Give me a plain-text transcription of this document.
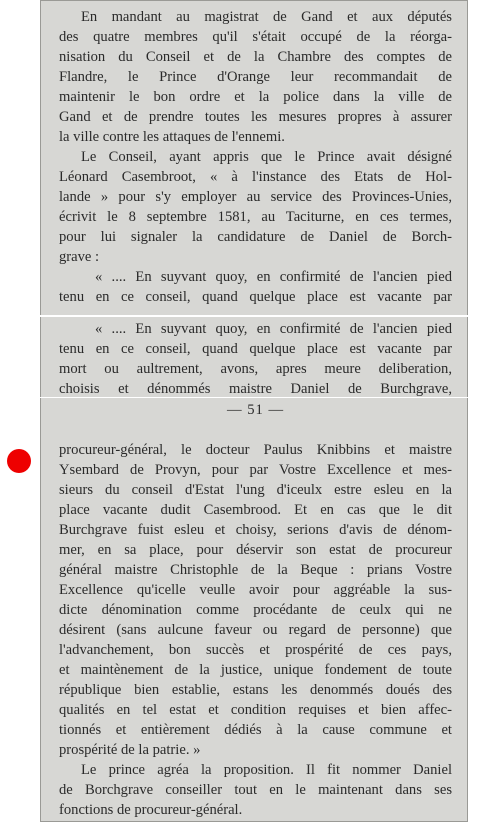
En mandant au magistrat de Gand et aux députés
des quatre membres qu'il s'était occupé de la réorga-
nisation du Conseil et de la Chambre des comptes de
Flandre, le Prince d'Orange leur recommandait de
maintenir le bon ordre et la police dans la ville de
Gand et de prendre toutes les mesures propres à assurer
la ville contre les attaques de l'ennemi.
Le Conseil, ayant appris que le Prince avait désigné
Léonard Casembroot, « à l'instance des Etats de Hol-
lande » pour s'y employer au service des Provinces-Unies,
écrivit le 8 septembre 1581, au Taciturne, en ces termes,
pour lui signaler la candidature de Daniel de Borch-
grave :
« .... En suyvant quoy, en confirmité de l'ancien pied
tenu en ce conseil, quand quelque place est vacante par
« .... En suyvant quoy, en confirmité de l'ancien pied
tenu en ce conseil, quand quelque place est vacante par
mort ou aultrement, avons, apres meure deliberation,
choisis et dénommés maistre Daniel de Burchgrave,
— 51 —
procureur-général, le docteur Paulus Knibbins et maistre
Ysembard de Provyn, pour par Vostre Excellence et mes-
sieurs du conseil d'Estat l'ung d'iceulx estre esleu en la
place vacante dudit Casembrood. Et en cas que le dit
Burchgrave fuist esleu et choisy, serions d'avis de dénom-
mer, en sa place, pour déservir son estat de procureur
général maistre Christophle de la Beque : prians Vostre
Excellence qu'icelle veulle avoir pour aggréable la sus-
dicte dénomination comme procédante de ceulx qui ne
désirent (sans aulcune faveur ou regard de personne) que
l'advanchement, bon succès et prospérité de ces pays,
et maintènement de la justice, unique fondement de toute
république bien establie, estans les denommés doués des
qualités en tel estat et condition requises et bien affec-
tionnés et entièrement dédiés à la cause commune et
prospérité de la patrie. »
Le prince agréa la proposition. Il fit nommer Daniel
de Borchgrave conseiller tout en le maintenant dans ses
fonctions de procureur-général.
